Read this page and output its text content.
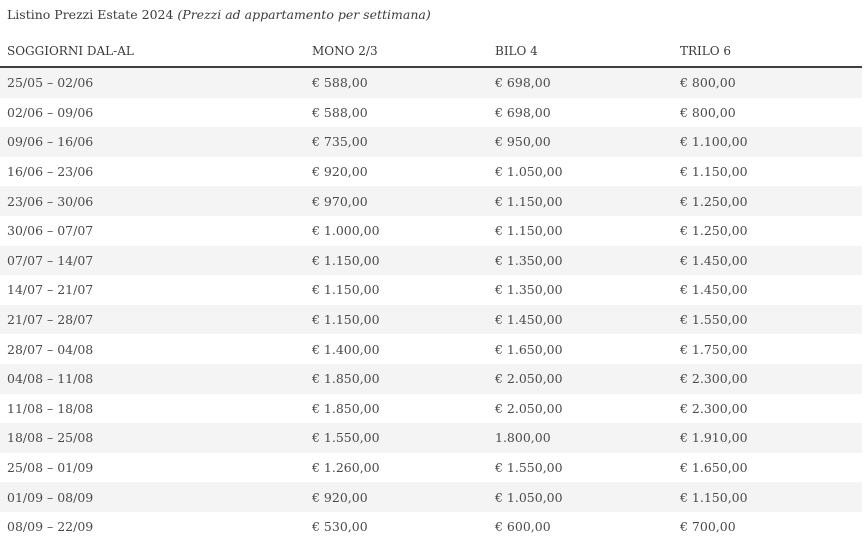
Listino Prezzi Estate 2024 (Prezzi ad appartamento per settimana)
SOGGIORNI DAL-AL	MONO 2/3	BILO 4	TRILO 6
25/05 – 02/06	€ 588,00	€ 698,00	€ 800,00
02/06 – 09/06	€ 588,00	€ 698,00	€ 800,00
09/06 – 16/06	€ 735,00	€ 950,00	€ 1.100,00
16/06 – 23/06	€ 920,00	€ 1.050,00	€ 1.150,00
23/06 – 30/06	€ 970,00	€ 1.150,00	€ 1.250,00
30/06 – 07/07	€ 1.000,00	€ 1.150,00	€ 1.250,00
07/07 – 14/07	€ 1.150,00	€ 1.350,00	€ 1.450,00
14/07 – 21/07	€ 1.150,00	€ 1.350,00	€ 1.450,00
21/07 – 28/07	€ 1.150,00	€ 1.450,00	€ 1.550,00
28/07 – 04/08	€ 1.400,00	€ 1.650,00	€ 1.750,00
04/08 – 11/08	€ 1.850,00	€ 2.050,00	€ 2.300,00
11/08 – 18/08	€ 1.850,00	€ 2.050,00	€ 2.300,00
18/08 – 25/08	€ 1.550,00	1.800,00	€ 1.910,00
25/08 – 01/09	€ 1.260,00	€ 1.550,00	€ 1.650,00
01/09 – 08/09	€ 920,00	€ 1.050,00	€ 1.150,00
08/09 – 22/09	€ 530,00	€ 600,00	€ 700,00
